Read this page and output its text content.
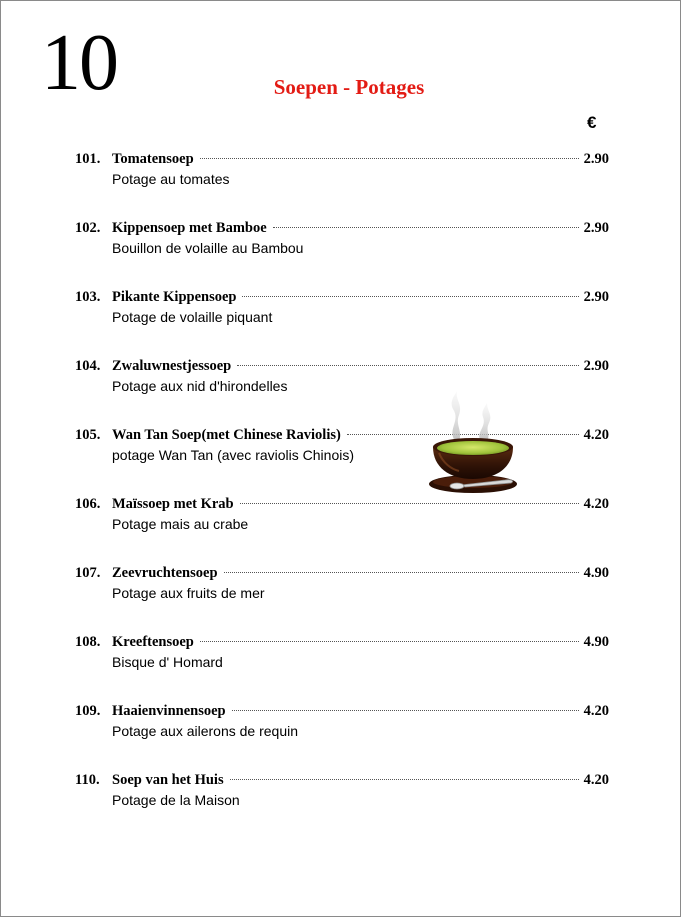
10	Soepen - Potages
€
101. Tomatensoep	2.90
Potage au tomates
102. Kippensoep met Bamboe	2.90
Bouillon de volaille au Bambou
103. Pikante Kippensoep	2.90
Potage de volaille piquant
104. Zwaluwnestjessoep	2.90
Potage aux nid d'hirondelles
105. Wan Tan Soep(met Chinese Raviolis)	4.20
potage Wan Tan (avec raviolis Chinois)
106. Maïssoep met Krab	4.20
Potage mais au crabe
107. Zeevruchtensoep	4.90
Potage aux fruits de mer
108. Kreeftensoep	4.90
Bisque d' Homard
109. Haaienvinnensoep	4.20
Potage aux ailerons de requin
110. Soep van het Huis	4.20
Potage de la Maison
